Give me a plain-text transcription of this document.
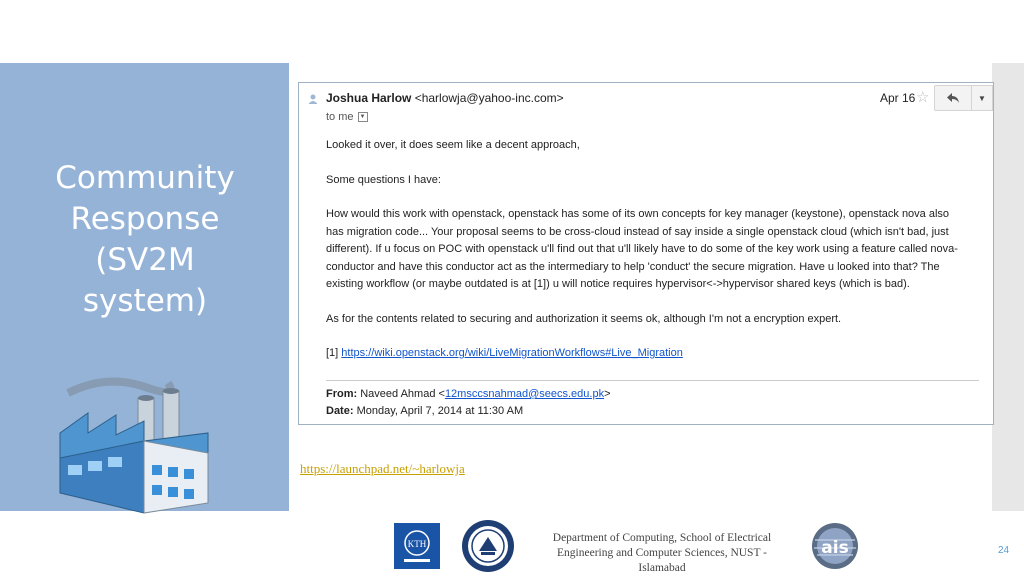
Community
Response
(SV2M
system)
Joshua Harlow <harlowja@yahoo-inc.com>
to me	▼
Apr 16 ☆	▼

Looked it over, it does seem like a decent approach,

Some questions I have:

How would this work with openstack, openstack has some of its own concepts for key manager (keystone), openstack nova also has migration code... Your proposal seems to be cross-cloud instead of say inside a single openstack cloud (which isn't bad, just different). If u focus on POC with openstack u'll find out that u'll likely have to do some of the key work using a feature called nova-conductor and have this conductor act as the intermediary to help 'conduct' the secure migration. Have u looked into that? The existing workflow (or maybe outdated is at [1]) u will notice requires hypervisor<->hypervisor shared keys (which is bad).

As for the contents related to securing and authorization it seems ok, although I'm not a encryption expert.

[1] https://wiki.openstack.org/wiki/LiveMigrationWorkflows#Live_Migration

From: Naveed Ahmad <12msccsnahmad@seecs.edu.pk>
Date: Monday, April 7, 2014 at 11:30 AM
https://launchpad.net/~harlowja
KTH	Department of Computing, School of Electrical Engineering and Computer Sciences, NUST - Islamabad
ais	24
